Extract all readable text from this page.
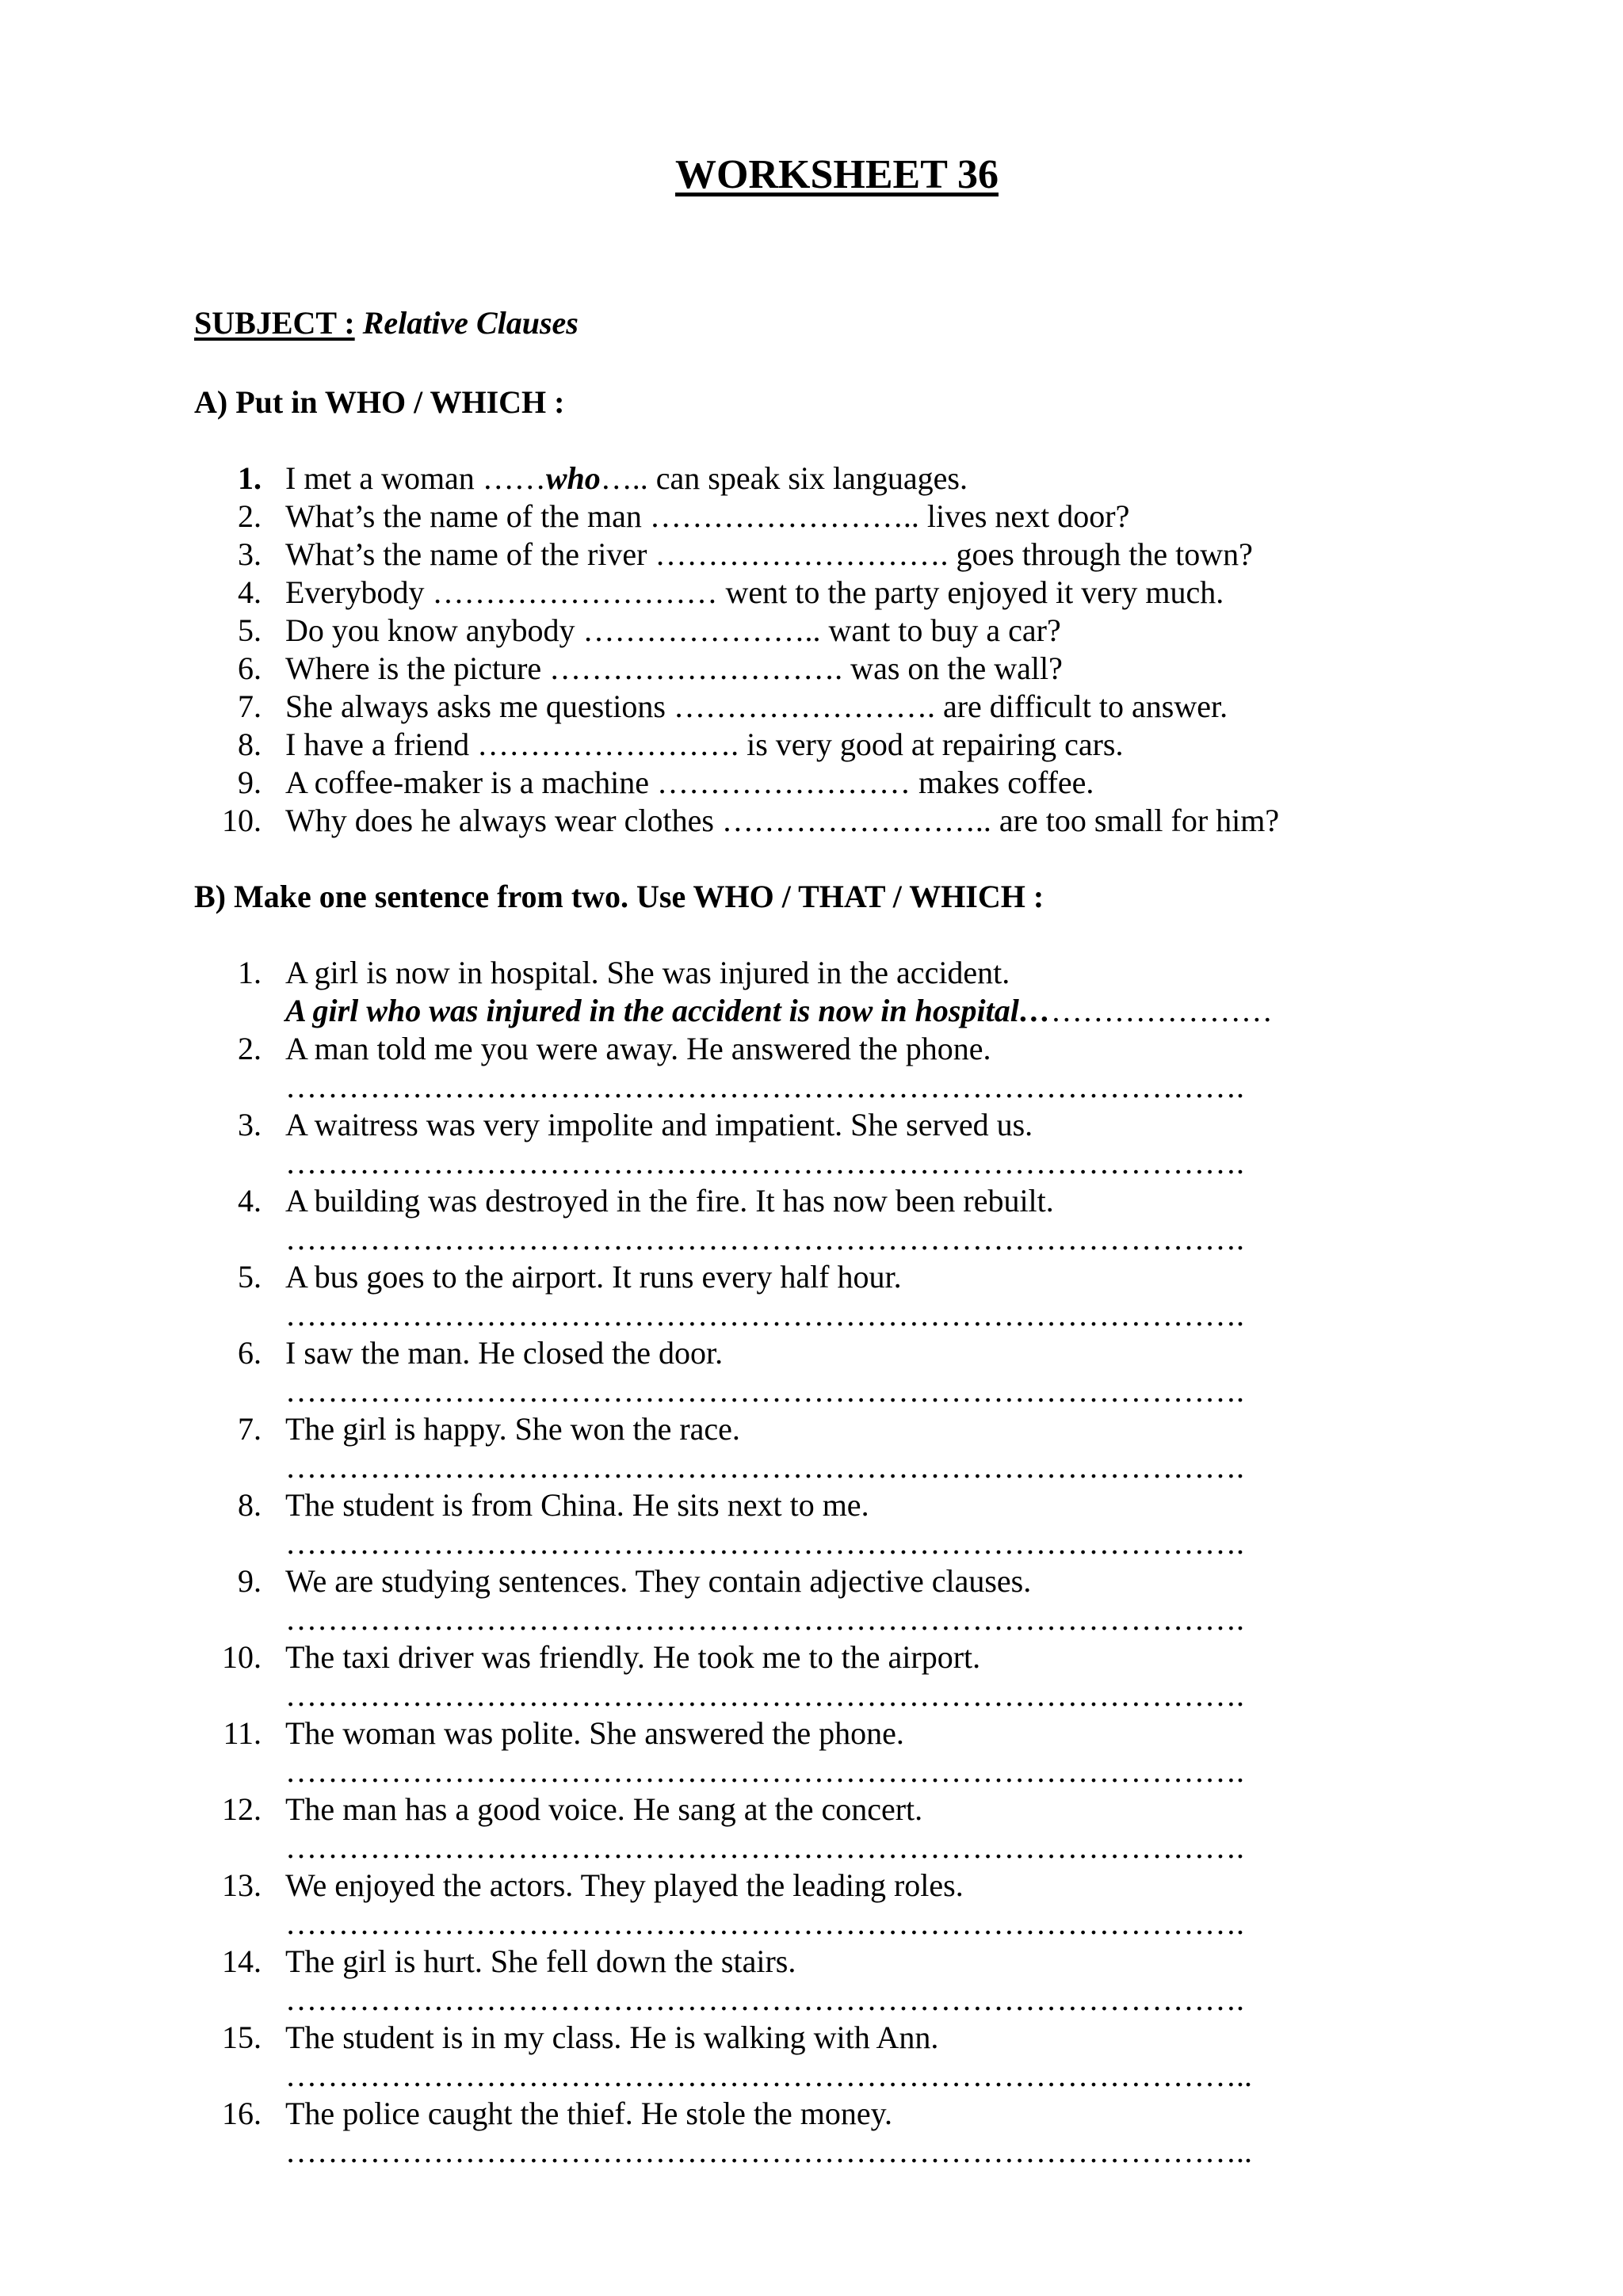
WORKSHEET 36
SUBJECT : Relative Clauses
A) Put in WHO / WHICH :
1. I met a woman ……who….. can speak six languages.
2. What’s the name of the man …………………….. lives next door?
3. What’s the name of the river ………………………. goes through the town?
4. Everybody ……………………… went to the party enjoyed it very much.
5. Do you know anybody ………………….. want to buy a car?
6. Where is the picture ………………………. was on the wall?
7. She always asks me questions ……………………. are difficult to answer.
8. I have a friend ……………………. is very good at repairing cars.
9. A coffee-maker is a machine …………………… makes coffee.
10. Why does he always wear clothes …………………….. are too small for him?
B) Make one sentence from two. Use WHO / THAT / WHICH :
1. A girl is now in hospital. She was injured in the accident.
A girl who was injured in the accident is now in hospital……………………
2. A man told me you were away. He answered the phone.
……………………………………………………………………………….
3. A waitress was very impolite and impatient. She served us.
……………………………………………………………………………….
4. A building was destroyed in the fire. It has now been rebuilt.
……………………………………………………………………………….
5. A bus goes to the airport. It runs every half hour.
……………………………………………………………………………….
6. I saw the man. He closed the door.
……………………………………………………………………………….
7. The girl is happy. She won the race.
……………………………………………………………………………….
8. The student is from China. He sits next to me.
……………………………………………………………………………….
9. We are studying sentences. They contain adjective clauses.
……………………………………………………………………………….
10. The taxi driver was friendly. He took me to the airport.
……………………………………………………………………………….
11. The woman was polite. She answered the phone.
……………………………………………………………………………….
12. The man has a good voice. He sang at the concert.
……………………………………………………………………………….
13. We enjoyed the actors. They played the leading roles.
……………………………………………………………………………….
14. The girl is hurt. She fell down the stairs.
……………………………………………………………………………….
15. The student is in my class. He is walking with Ann.
………………………………………………………………………………..
16. The police caught the thief. He stole the money.
………………………………………………………………………………..
